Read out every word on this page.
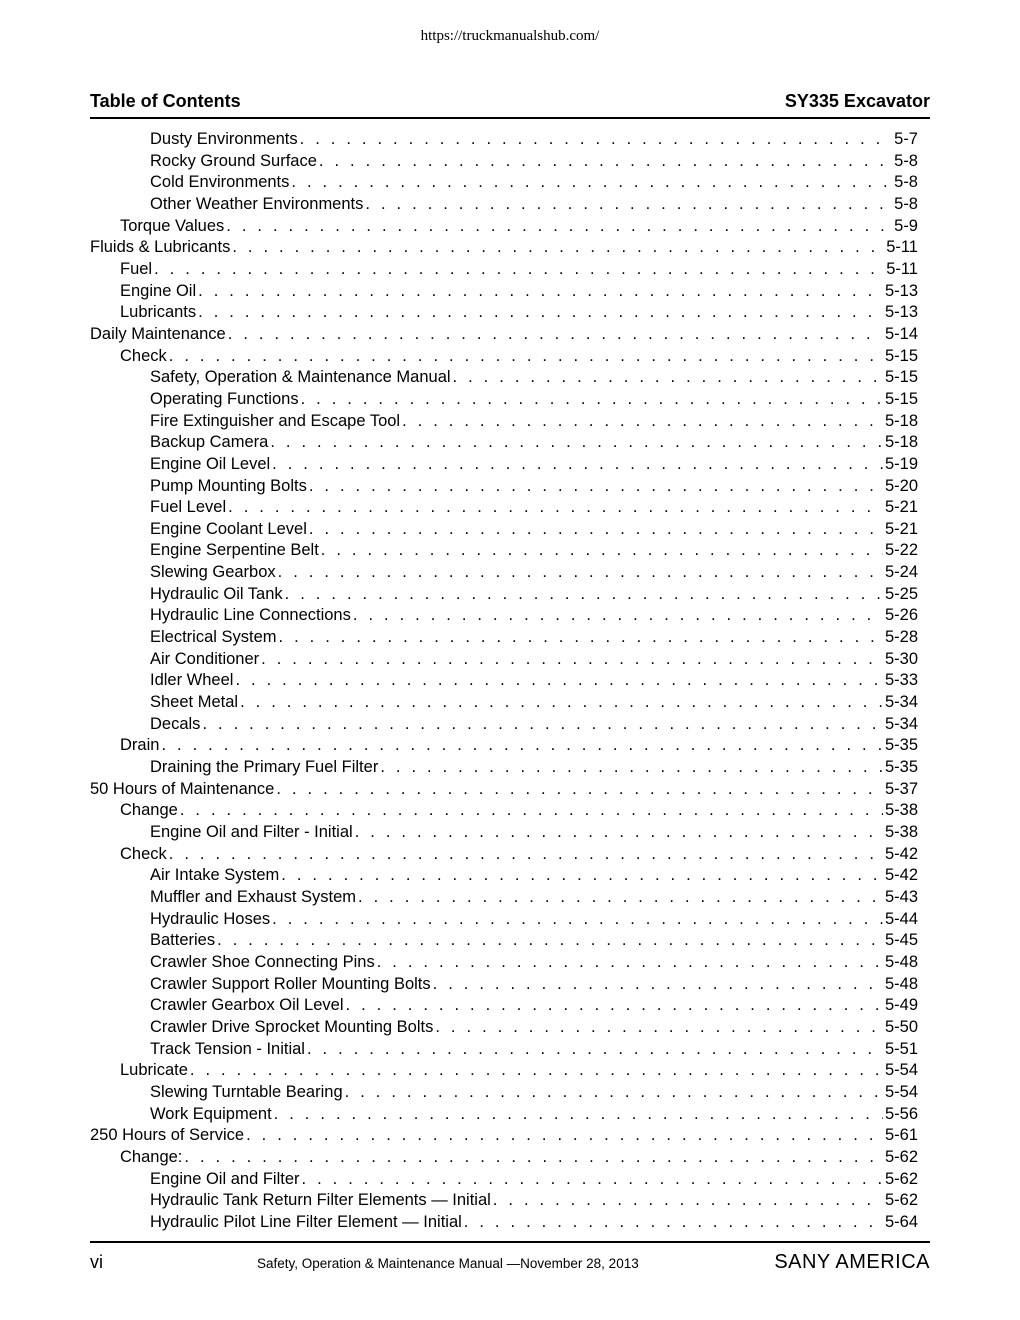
https://truckmanualshub.com/
Table of Contents	SY335 Excavator
Dusty Environments . . .	5-7
Rocky Ground Surface . . .	5-8
Cold Environments . . .	5-8
Other Weather Environments . . .	5-8
Torque Values . . .	5-9
Fluids & Lubricants . . .	5-11
Fuel . . .	5-11
Engine Oil . . .	5-13
Lubricants . . .	5-13
Daily Maintenance . . .	5-14
Check . . .	5-15
Safety, Operation & Maintenance Manual . . .	5-15
Operating Functions . . .	5-15
Fire Extinguisher and Escape Tool . . .	5-18
Backup Camera . . .	5-18
Engine Oil Level . . .	5-19
Pump Mounting Bolts . . .	5-20
Fuel Level . . .	5-21
Engine Coolant Level . . .	5-21
Engine Serpentine Belt . . .	5-22
Slewing Gearbox . . .	5-24
Hydraulic Oil Tank . . .	5-25
Hydraulic Line Connections . . .	5-26
Electrical System . . .	5-28
Air Conditioner . . .	5-30
Idler Wheel . . .	5-33
Sheet Metal . . .	5-34
Decals . . .	5-34
Drain . . .	5-35
Draining the Primary Fuel Filter . . .	5-35
50 Hours of Maintenance . . .	5-37
Change . . .	5-38
Engine Oil and Filter - Initial . . .	5-38
Check . . .	5-42
Air Intake System . . .	5-42
Muffler and Exhaust System . . .	5-43
Hydraulic Hoses . . .	5-44
Batteries . . .	5-45
Crawler Shoe Connecting Pins . . .	5-48
Crawler Support Roller Mounting Bolts . . .	5-48
Crawler Gearbox Oil Level . . .	5-49
Crawler Drive Sprocket Mounting Bolts . . .	5-50
Track Tension - Initial . . .	5-51
Lubricate . . .	5-54
Slewing Turntable Bearing . . .	5-54
Work Equipment . . .	5-56
250 Hours of Service . . .	5-61
Change: . . .	5-62
Engine Oil and Filter . . .	5-62
Hydraulic Tank Return Filter Elements — Initial . . .	5-62
Hydraulic Pilot Line Filter Element — Initial . . .	5-64
vi	Safety, Operation & Maintenance Manual —November 28, 2013	SANY AMERICA
